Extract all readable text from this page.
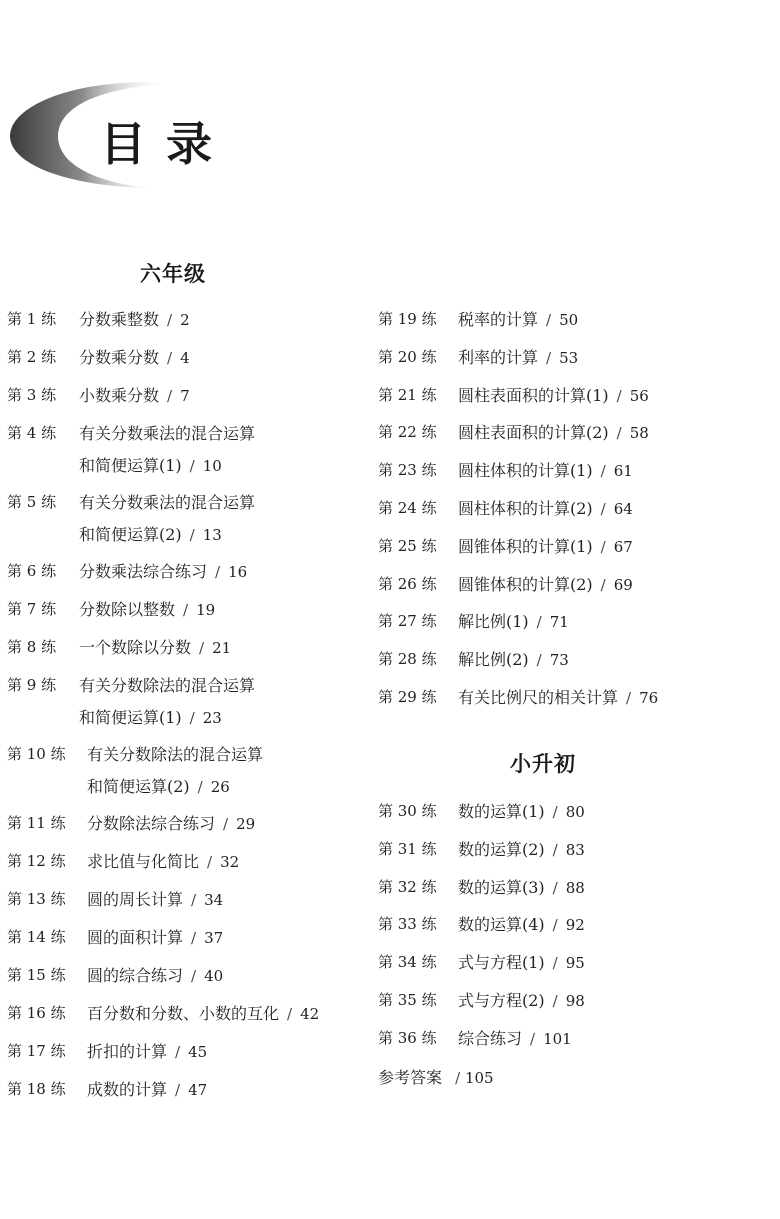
目录
六年级
小升初
第 1 练 分数乘整数 / 2
第 2 练 分数乘分数 / 4
第 3 练 小数乘分数 / 7
第 4 练 有关分数乘法的混合运算
和简便运算(1) / 10
第 5 练 有关分数乘法的混合运算
和简便运算(2) / 13
第 6 练 分数乘法综合练习 / 16
第 7 练 分数除以整数 / 19
第 8 练 一个数除以分数 / 21
第 9 练 有关分数除法的混合运算
和简便运算(1) / 23
第 10 练 有关分数除法的混合运算
和简便运算(2) / 26
第 11 练 分数除法综合练习 / 29
第 12 练 求比值与化简比 / 32
第 13 练 圆的周长计算 / 34
第 14 练 圆的面积计算 / 37
第 15 练 圆的综合练习 / 40
第 16 练 百分数和分数、小数的互化 / 42
第 17 练 折扣的计算 / 45
第 18 练 成数的计算 / 47
第 19 练 税率的计算 / 50
第 20 练 利率的计算 / 53
第 21 练 圆柱表面积的计算(1) / 56
第 22 练 圆柱表面积的计算(2) / 58
第 23 练 圆柱体积的计算(1) / 61
第 24 练 圆柱体积的计算(2) / 64
第 25 练 圆锥体积的计算(1) / 67
第 26 练 圆锥体积的计算(2) / 69
第 27 练 解比例(1) / 71
第 28 练 解比例(2) / 73
第 29 练 有关比例尺的相关计算 / 76
第 30 练 数的运算(1) / 80
第 31 练 数的运算(2) / 83
第 32 练 数的运算(3) / 88
第 33 练 数的运算(4) / 92
第 34 练 式与方程(1) / 95
第 35 练 式与方程(2) / 98
第 36 练 综合练习 / 101
参考答案 / 105
